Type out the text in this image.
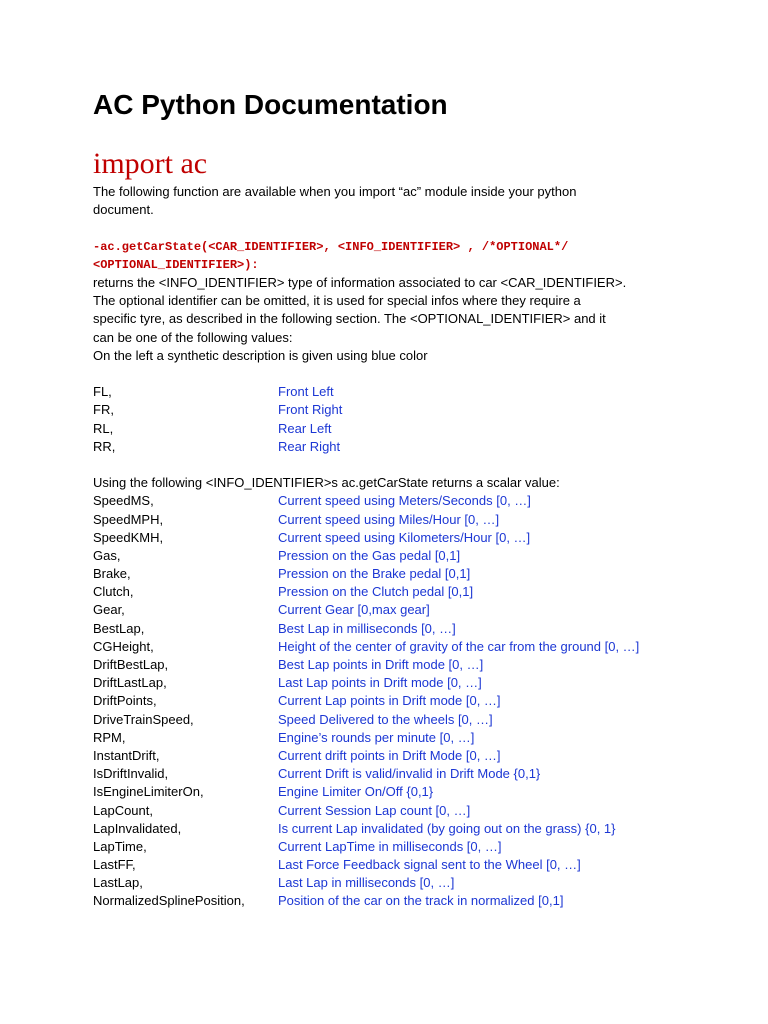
AC Python Documentation
import ac

The following function are available when you import “ac” module inside your python
document.

-ac.getCarState(<CAR_IDENTIFIER>, <INFO_IDENTIFIER> , /*OPTIONAL*/
<OPTIONAL_IDENTIFIER>):

returns the <INFO_IDENTIFIER> type of information associated to car <CAR_IDENTIFIER>.
The optional identifier can be omitted, it is used for special infos where they require a
specific tyre, as described in the following section. The <OPTIONAL_IDENTIFIER> and it
can be one of the following values:
On the left a synthetic description is given using blue color

FL,	Front Left
FR,	Front Right
RL,	Rear Left
RR,	Rear Right

Using the following <INFO_IDENTIFIER>s ac.getCarState returns a scalar value:

SpeedMS,	Current speed using Meters/Seconds [0, …]
SpeedMPH,	Current speed using Miles/Hour [0, …]
SpeedKMH,	Current speed using Kilometers/Hour [0, …]
Gas,	Pression on the Gas pedal [0,1]
Brake,	Pression on the Brake pedal [0,1]
Clutch,	Pression on the Clutch pedal [0,1]
Gear,	Current Gear [0,max gear]
BestLap,	Best Lap in milliseconds [0, …]
CGHeight,	Height of the center of gravity of the car from the ground [0, …]
DriftBestLap,	Best Lap points in Drift mode [0, …]
DriftLastLap,	Last Lap points in Drift mode [0, …]
DriftPoints,	Current Lap points in Drift mode [0, …]
DriveTrainSpeed,	Speed Delivered to the wheels [0, …]
RPM,	Engine’s rounds per minute [0, …]
InstantDrift,	Current drift points in Drift Mode [0, …]
IsDriftInvalid,	Current Drift is valid/invalid in Drift Mode {0,1}
IsEngineLimiterOn,	Engine Limiter On/Off {0,1}
LapCount,	Current Session Lap count [0, …]
LapInvalidated,	Is current Lap invalidated (by going out on the grass) {0, 1}
LapTime,	Current LapTime in milliseconds [0, …]
LastFF,	Last Force Feedback signal sent to the Wheel [0, …]
LastLap,	Last Lap in milliseconds [0, …]
NormalizedSplinePosition,	Position of the car on the track in normalized [0,1]
